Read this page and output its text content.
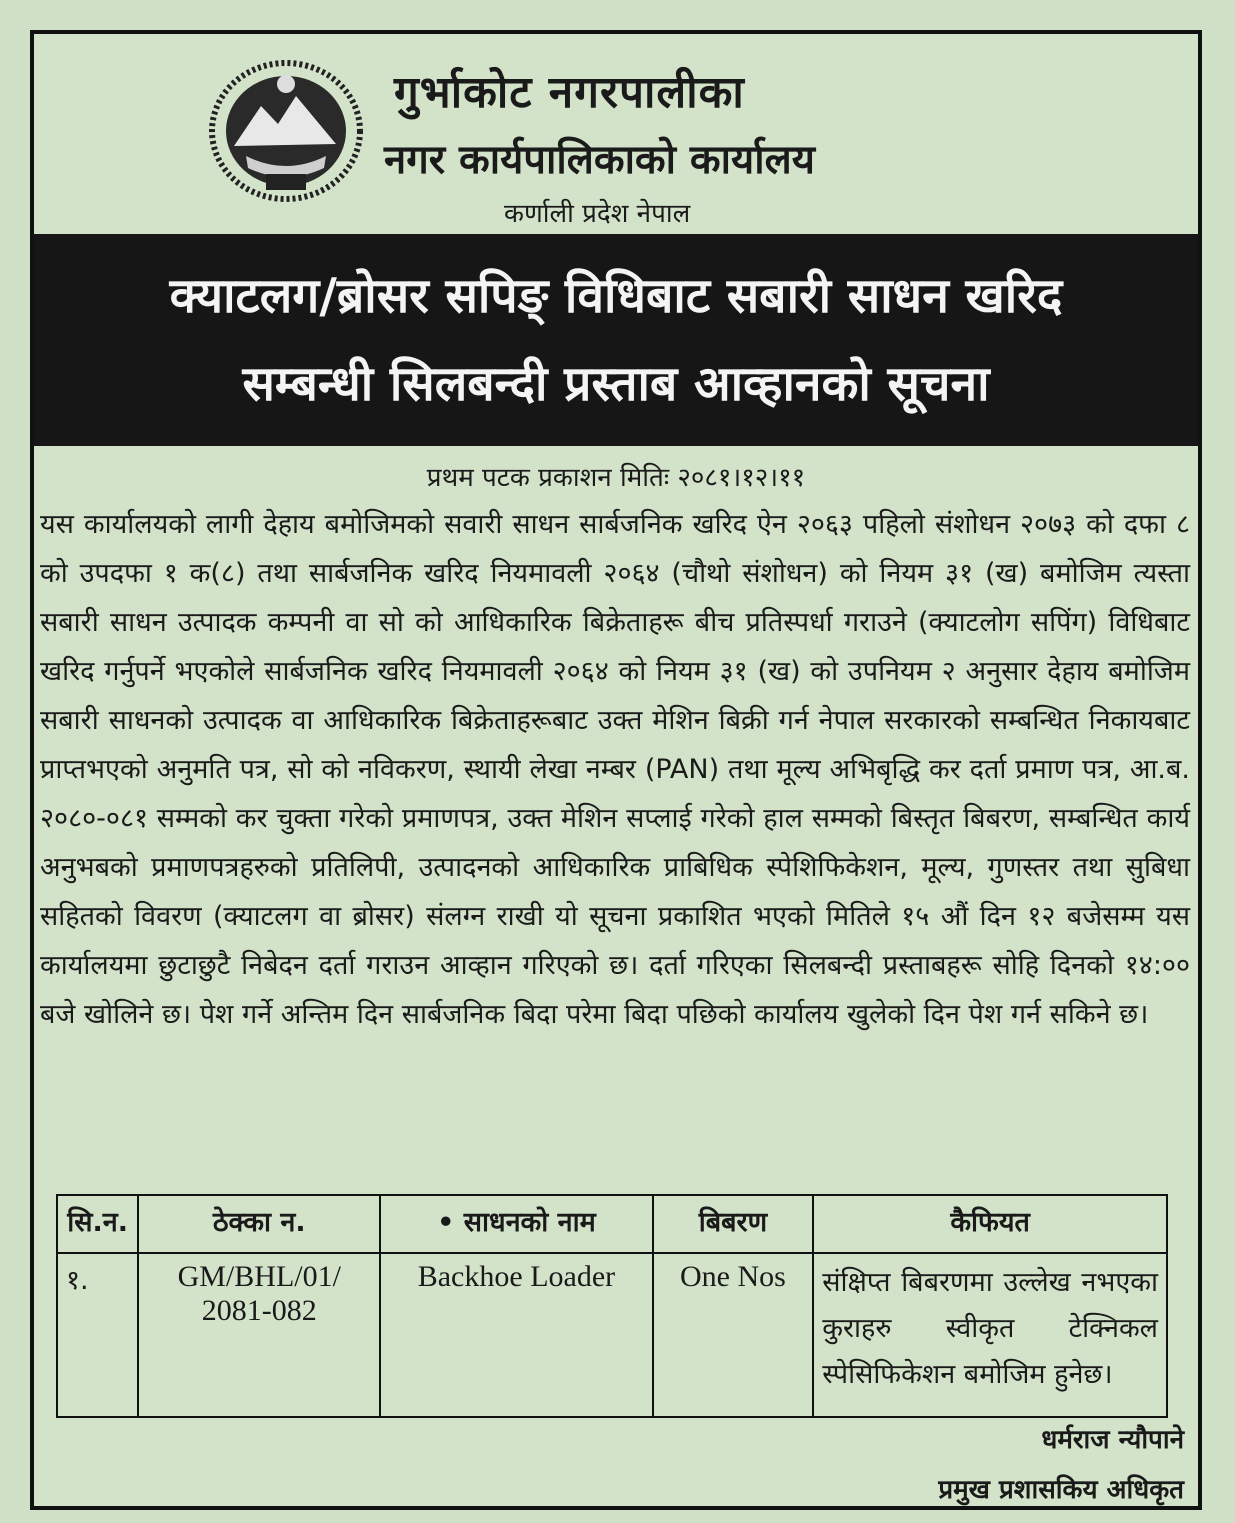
गुर्भाकोट नगरपालीका
नगर कार्यपालिकाको कार्यालय
कर्णाली प्रदेश नेपाल
क्याटलग/ब्रोसर सपिङ् विधिबाट सबारी साधन खरिद
सम्बन्धी सिलबन्दी प्रस्ताब आव्हानको सूचना
प्रथम पटक प्रकाशन मितिः २०८१।१२।११
यस कार्यालयको लागी देहाय बमोजिमको सवारी साधन सार्बजनिक खरिद ऐन २०६३ पहिलो संशोधन २०७३ को दफा ८ को उपदफा १ क(८) तथा सार्बजनिक खरिद नियमावली २०६४ (चौथो संशोधन) को नियम ३१ (ख) बमोजिम त्यस्ता सबारी साधन उत्पादक कम्पनी वा सो को आधिकारिक बिक्रेताहरू बीच प्रतिस्पर्धा गराउने (क्याटलोग सपिंग) विधिबाट खरिद गर्नुपर्ने भएकोले सार्बजनिक खरिद नियमावली २०६४ को नियम ३१ (ख) को उपनियम २ अनुसार देहाय बमोजिम सबारी साधनको उत्पादक वा आधिकारिक बिक्रेताहरूबाट उक्त मेशिन बिक्री गर्न नेपाल सरकारको सम्बन्धित निकायबाट प्राप्तभएको अनुमति पत्र, सो को नविकरण, स्थायी लेखा नम्बर (PAN) तथा मूल्य अभिबृद्धि कर दर्ता प्रमाण पत्र, आ.ब. २०८०-०८१ सम्मको कर चुक्ता गरेको प्रमाणपत्र, उक्त मेशिन सप्लाई गरेको हाल सम्मको बिस्तृत बिबरण, सम्बन्धित कार्य अनुभबको प्रमाणपत्रहरुको प्रतिलिपी, उत्पादनको आधिकारिक प्राबिधिक स्पेशिफिकेशन, मूल्य, गुणस्तर तथा सुबिधा सहितको विवरण (क्याटलग वा ब्रोसर) संलग्न राखी यो सूचना प्रकाशित भएको मितिले १५ औं दिन १२ बजेसम्म यस कार्यालयमा छुटाछुटै निबेदन दर्ता गराउन आव्हान गरिएको छ। दर्ता गरिएका सिलबन्दी प्रस्ताबहरू सोहि दिनको १४:०० बजे खोलिने छ। पेश गर्ने अन्तिम दिन सार्बजनिक बिदा परेमा बिदा पछिको कार्यालय खुलेको दिन पेश गर्न सकिने छ।
सि.न.	ठेक्का न.	• साधनको नाम	बिबरण	कैफियत
१.	GM/BHL/01/ 2081-082	Backhoe Loader	One Nos	संक्षिप्त बिबरणमा उल्लेख नभएका कुराहरु स्वीकृत टेक्निकल स्पेसिफिकेशन बमोजिम हुनेछ।
धर्मराज न्यौपाने
प्रमुख प्रशासकिय अधिकृत
